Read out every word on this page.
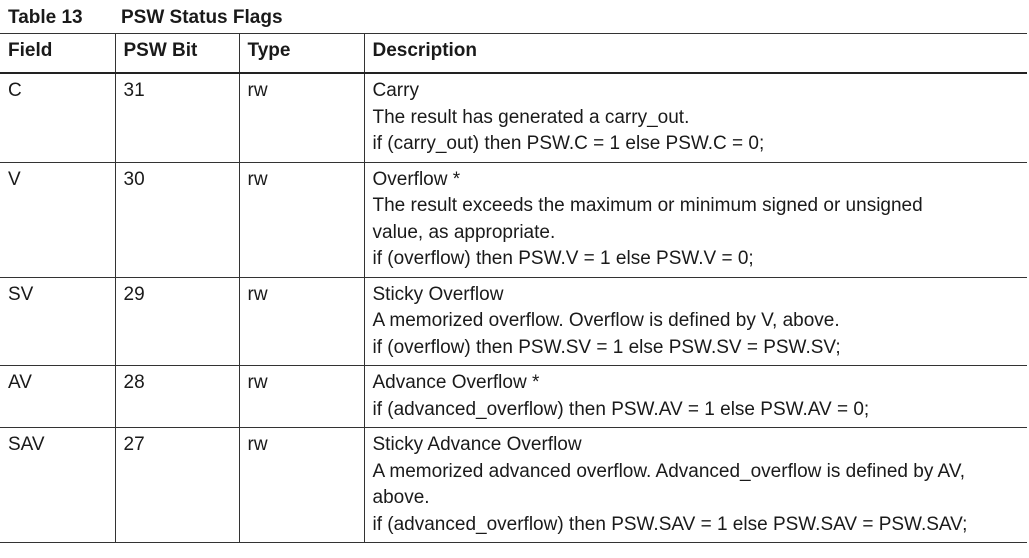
Table 13	PSW Status Flags
Field	PSW Bit	Type	Description
C	31	rw	Carry
The result has generated a carry_out.
if (carry_out) then PSW.C = 1 else PSW.C = 0;

V	30	rw	Overflow *
The result exceeds the maximum or minimum signed or unsigned
value, as appropriate.
if (overflow) then PSW.V = 1 else PSW.V = 0;

SV	29	rw	Sticky Overflow
A memorized overflow. Overflow is defined by V, above.
if (overflow) then PSW.SV = 1 else PSW.SV = PSW.SV;

AV	28	rw	Advance Overflow *
if (advanced_overflow) then PSW.AV = 1 else PSW.AV = 0;

SAV	27	rw	Sticky Advance Overflow
A memorized advanced overflow. Advanced_overflow is defined by AV,
above.
if (advanced_overflow) then PSW.SAV = 1 else PSW.SAV = PSW.SAV;
